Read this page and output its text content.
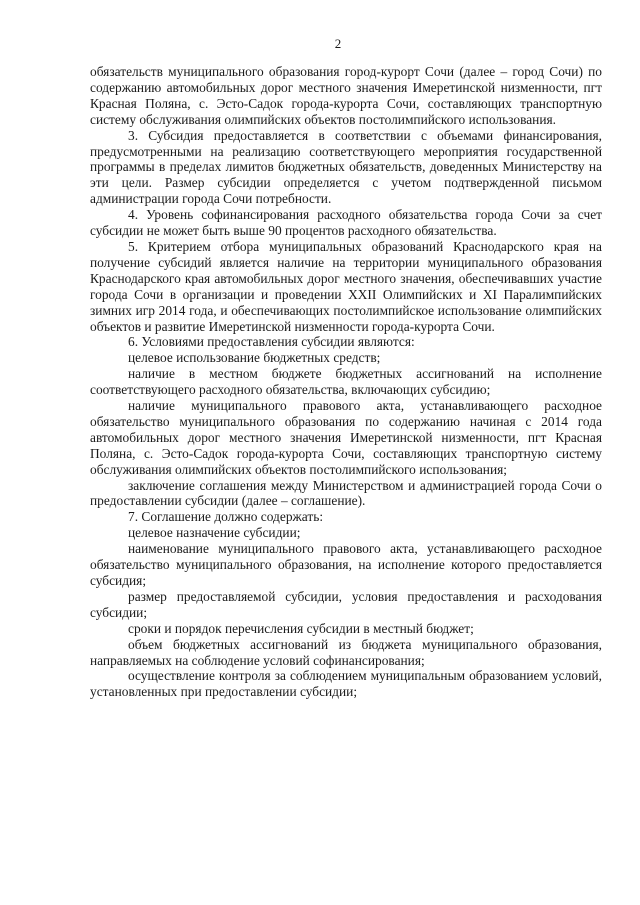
2

обязательств муниципального образования город-курорт Сочи (далее – город Сочи) по содержанию автомобильных дорог местного значения Имеретинской низменности, пгт Красная Поляна, с. Эсто-Садок города-курорта Сочи, составляющих транспортную систему обслуживания олимпийских объектов постолимпийского использования.

3. Субсидия предоставляется в соответствии с объемами финансирования, предусмотренными на реализацию соответствующего мероприятия государственной программы в пределах лимитов бюджетных обязательств, доведенных Министерству на эти цели. Размер субсидии определяется с учетом подтвержденной письмом администрации города Сочи потребности.

4. Уровень софинансирования расходного обязательства города Сочи за счет субсидии не может быть выше 90 процентов расходного обязательства.

5. Критерием отбора муниципальных образований Краснодарского края на получение субсидий является наличие на территории муниципального образования Краснодарского края автомобильных дорог местного значения, обеспечивавших участие города Сочи в организации и проведении XXII Олимпийских и XI Паралимпийских зимних игр 2014 года, и обеспечивающих постолимпийское использование олимпийских объектов и развитие Имеретинской низменности города-курорта Сочи.

6. Условиями предоставления субсидии являются:

целевое использование бюджетных средств;

наличие в местном бюджете бюджетных ассигнований на исполнение соответствующего расходного обязательства, включающих субсидию;

наличие муниципального правового акта, устанавливающего расходное обязательство муниципального образования по содержанию начиная с 2014 года автомобильных дорог местного значения Имеретинской низменности, пгт Красная Поляна, с. Эсто-Садок города-курорта Сочи, составляющих транспортную систему обслуживания олимпийских объектов постолимпийского использования;

заключение соглашения между Министерством и администрацией города Сочи о предоставлении субсидии (далее – соглашение).

7. Соглашение должно содержать:

целевое назначение субсидии;

наименование муниципального правового акта, устанавливающего расходное обязательство муниципального образования, на исполнение которого предоставляется субсидия;

размер предоставляемой субсидии, условия предоставления и расходования субсидии;

сроки и порядок перечисления субсидии в местный бюджет;

объем бюджетных ассигнований из бюджета муниципального образования, направляемых на соблюдение условий софинансирования;

осуществление контроля за соблюдением муниципальным образованием условий, установленных при предоставлении субсидии;
